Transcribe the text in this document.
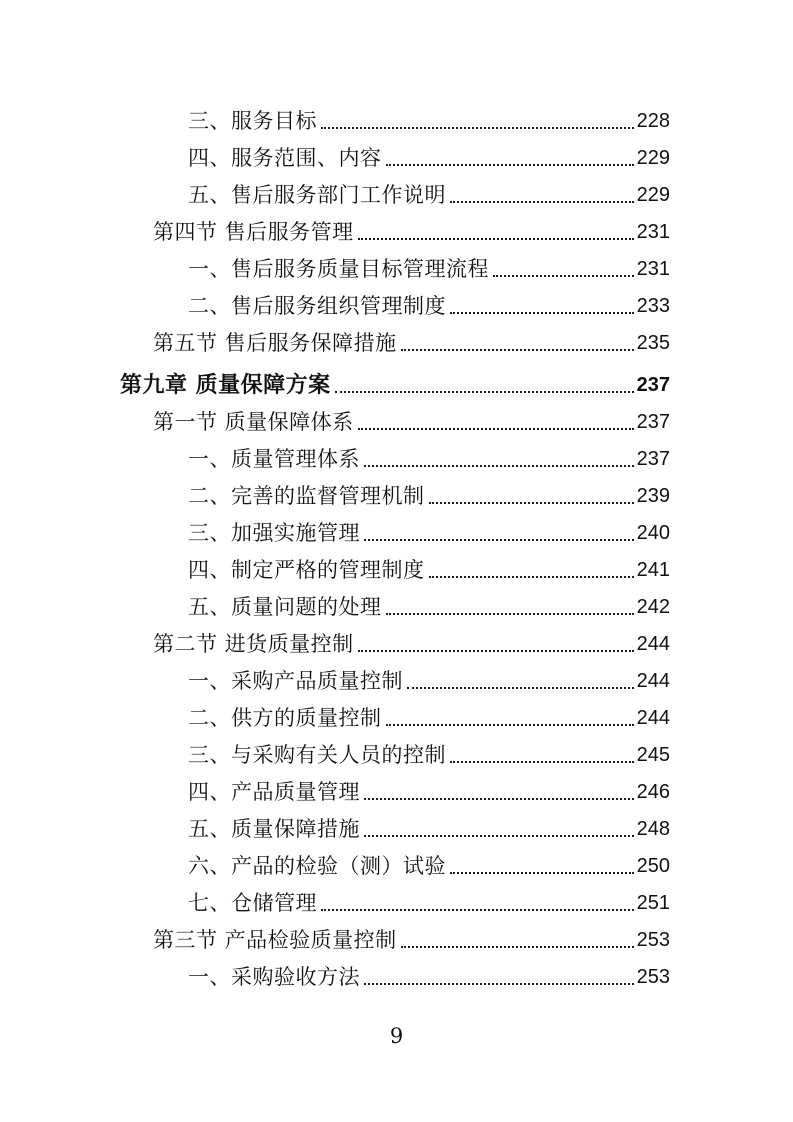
三、服务目标	228
四、服务范围、内容	229
五、售后服务部门工作说明	229
第四节 售后服务管理	231
一、售后服务质量目标管理流程	231
二、售后服务组织管理制度	233
第五节 售后服务保障措施	235
第九章 质量保障方案	237
第一节 质量保障体系	237
一、质量管理体系	237
二、完善的监督管理机制	239
三、加强实施管理	240
四、制定严格的管理制度	241
五、质量问题的处理	242
第二节 进货质量控制	244
一、采购产品质量控制	244
二、供方的质量控制	244
三、与采购有关人员的控制	245
四、产品质量管理	246
五、质量保障措施	248
六、产品的检验（测）试验	250
七、仓储管理	251
第三节 产品检验质量控制	253
一、采购验收方法	253
9
